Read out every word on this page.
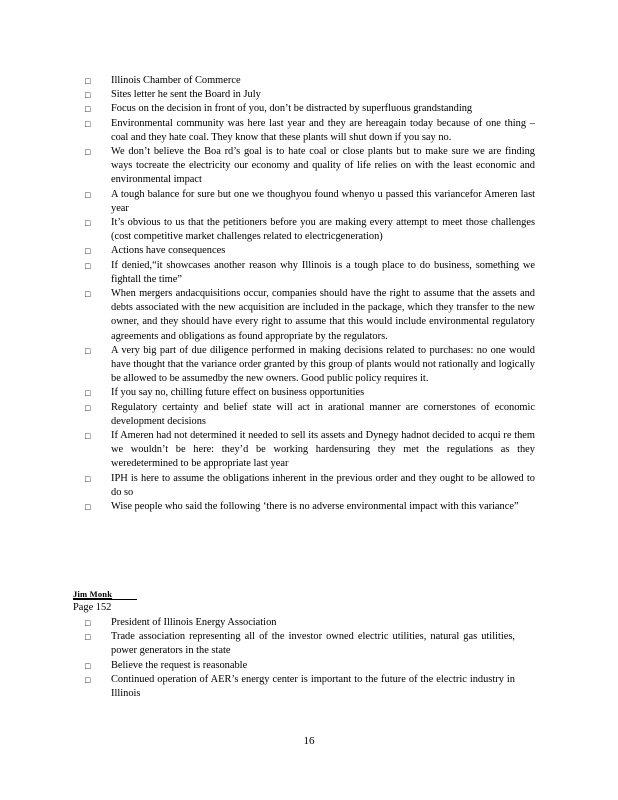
□	Illinois Chamber of Commerce
□	Sites letter he sent the Board in July
□	Focus on the decision in front of you, don’t be distracted by superfluous grandstanding
□	Environmental community was here last year and they are hereagain today because of one thing – coal and they hate coal. They know that these plants will shut down if you say no.
□	We don’t believe the Boa rd’s goal is to hate coal or close plants but to make sure we are finding ways tocreate the electricity our economy and quality of life relies on with the least economic and environmental impact
□	A tough balance for sure but one we thoughyou found whenyo u passed this variancefor Ameren last year
□	It’s obvious to us that the petitioners before you are making every attempt to meet those challenges (cost competitive market challenges related to electricgeneration)
□	Actions have consequences
□	If denied,“it showcases another reason why Illinois is a tough place to do business, something we fightall the time”
□	When mergers andacquisitions occur, companies should have the right to assume that the assets and debts associated with the new acquisition are included in the package, which they transfer to the new owner, and they should have every right to assume that this would include environmental regulatory agreements and obligations as found appropriate by the regulators.
□	A very big part of due diligence performed in making decisions related to purchases: no one would have thought that the variance order granted by this group of plants would not rationally and logically be allowed to be assumedby the new owners. Good public policy requires it.
□	If you say no, chilling future effect on business opportunities
□	Regulatory certainty and belief state will act in arational manner are cornerstones of economic development decisions
□	If Ameren had not determined it needed to sell its assets and Dynegy hadnot decided to acqui re them we wouldn’t be here: they’d be working hardensuring they met the regulations as they weredetermined to be appropriate last year
□	IPH is here to assume the obligations inherent in the previous order and they ought to be allowed to do so
□	Wise people who said the following ‘there is no adverse environmental impact with this variance”
Jim Monk
Page 152
□	President of Illinois Energy Association
□	Trade association representing all of the investor owned electric utilities, natural gas utilities, power generators in the state
□	Believe the request is reasonable
□	Continued operation of AER’s energy center is important to the future of the electric industry in Illinois
16
